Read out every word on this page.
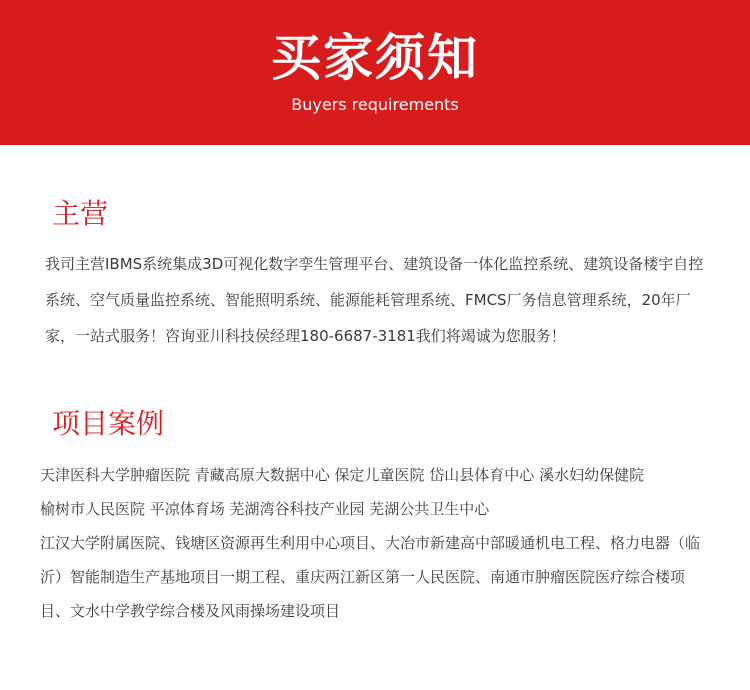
买家须知
Buyers requirements
主营

我司主营IBMS系统集成3D可视化数字孪生管理平台、建筑设备一体化监控系统、建筑设备楼宇自控系统、空气质量监控系统、智能照明系统、能源能耗管理系统、FMCS厂务信息管理系统，20年厂家，一站式服务！咨询亚川科技侯经理180-6687-3181我们将竭诚为您服务！

项目案例
天津医科大学肿瘤医院 青藏高原大数据中心 保定儿童医院 岱山县体育中心 溪水妇幼保健院
榆树市人民医院 平凉体育场 芜湖湾谷科技产业园 芜湖公共卫生中心
江汉大学附属医院、钱塘区资源再生利用中心项目、大冶市新建高中部暖通机电工程、格力电器（临沂）智能制造生产基地项目一期工程、重庆两江新区第一人民医院、南通市肿瘤医院医疗综合楼项目、文水中学教学综合楼及风雨操场建设项目
